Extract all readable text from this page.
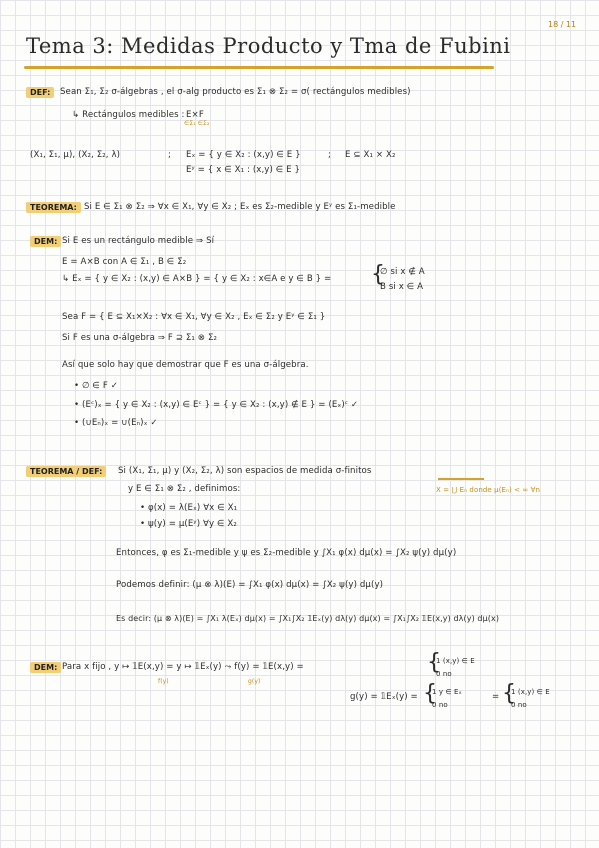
18 / 11
Tema 3: Medidas Producto y Tma de Fubini
DEF:	Sean Σ₁, Σ₂ σ-álgebras , el σ-alg producto es Σ₁ ⊗ Σ₂ = σ( rectángulos medibles)
↳ Rectángulos medibles : E×F
∈Σ₁ ∈Σ₂
(X₁, Σ₁, μ), (X₂, Σ₂, λ)	Eₓ = { y ∈ X₂ : (x,y) ∈ E }
Eʸ = { x ∈ X₁ : (x,y) ∈ E }
;	; E ⊆ X₁ × X₂
TEOREMA: Si E ∈ Σ₁ ⊗ Σ₂ ⇒ ∀x ∈ X₁, ∀y ∈ X₂ ; Eₓ es Σ₂-medible y Eʸ es Σ₁-medible
DEM: Si E es un rectángulo medible ⇒ Sí
E = A×B con A ∈ Σ₁ , B ∈ Σ₂
↳ Eₓ = { y ∈ X₂ : (x,y) ∈ A×B } = { y ∈ X₂ : x∈A e y ∈ B } = {
∅ si x ∉ A
B si x ∈ A
Sea F = { E ⊆ X₁×X₂ : ∀x ∈ X₁, ∀y ∈ X₂ , Eₓ ∈ Σ₂ y Eʸ ∈ Σ₁ }
Si F es una σ-álgebra ⇒ F ⊇ Σ₁ ⊗ Σ₂
Así que solo hay que demostrar que F es una σ-álgebra.
• ∅ ∈ F ✓
• (Eᶜ)ₓ = { y ∈ X₂ : (x,y) ∈ Eᶜ } = { y ∈ X₂ : (x,y) ∉ E } = (Eₓ)ᶜ ✓
• (∪Eₙ)ₓ = ∪(Eₙ)ₓ ✓
TEOREMA / DEF:	Si (X₁, Σ₁, μ) y (X₂, Σ₂, λ) son espacios de medida σ-finitos
X = ⋃ Eₙ donde μ(Eₙ) < ∞ ∀n
y E ∈ Σ₁ ⊗ Σ₂ , definimos:
• φ(x) = λ(Eₓ) ∀x ∈ X₁
• ψ(y) = μ(Eʸ) ∀y ∈ X₂
Entonces, φ es Σ₁-medible y ψ es Σ₂-medible y ∫X₁ φ(x) dμ(x) = ∫X₂ ψ(y) dμ(y)
Podemos definir: (μ ⊗ λ)(E) = ∫X₁ φ(x) dμ(x) = ∫X₂ ψ(y) dμ(y)
Es decir: (μ ⊗ λ)(E) = ∫X₁ λ(Eₓ) dμ(x) = ∫X₁∫X₂ 𝟙Eₓ(y) dλ(y) dμ(x) = ∫X₁∫X₂ 𝟙E(x,y) dλ(y) dμ(x)
DEM: Para x fijo , y ↦ 𝟙E(x,y) = y ↦ 𝟙Eₓ(y) ⤳ f(y) = 𝟙E(x,y) =
f(y)	g(y)
{
1 (x,y) ∈ E
0 no
g(y) = 𝟙Eₓ(y) = {
1 y ∈ Eₓ
0 no
= {
1 (x,y) ∈ E
0 no
